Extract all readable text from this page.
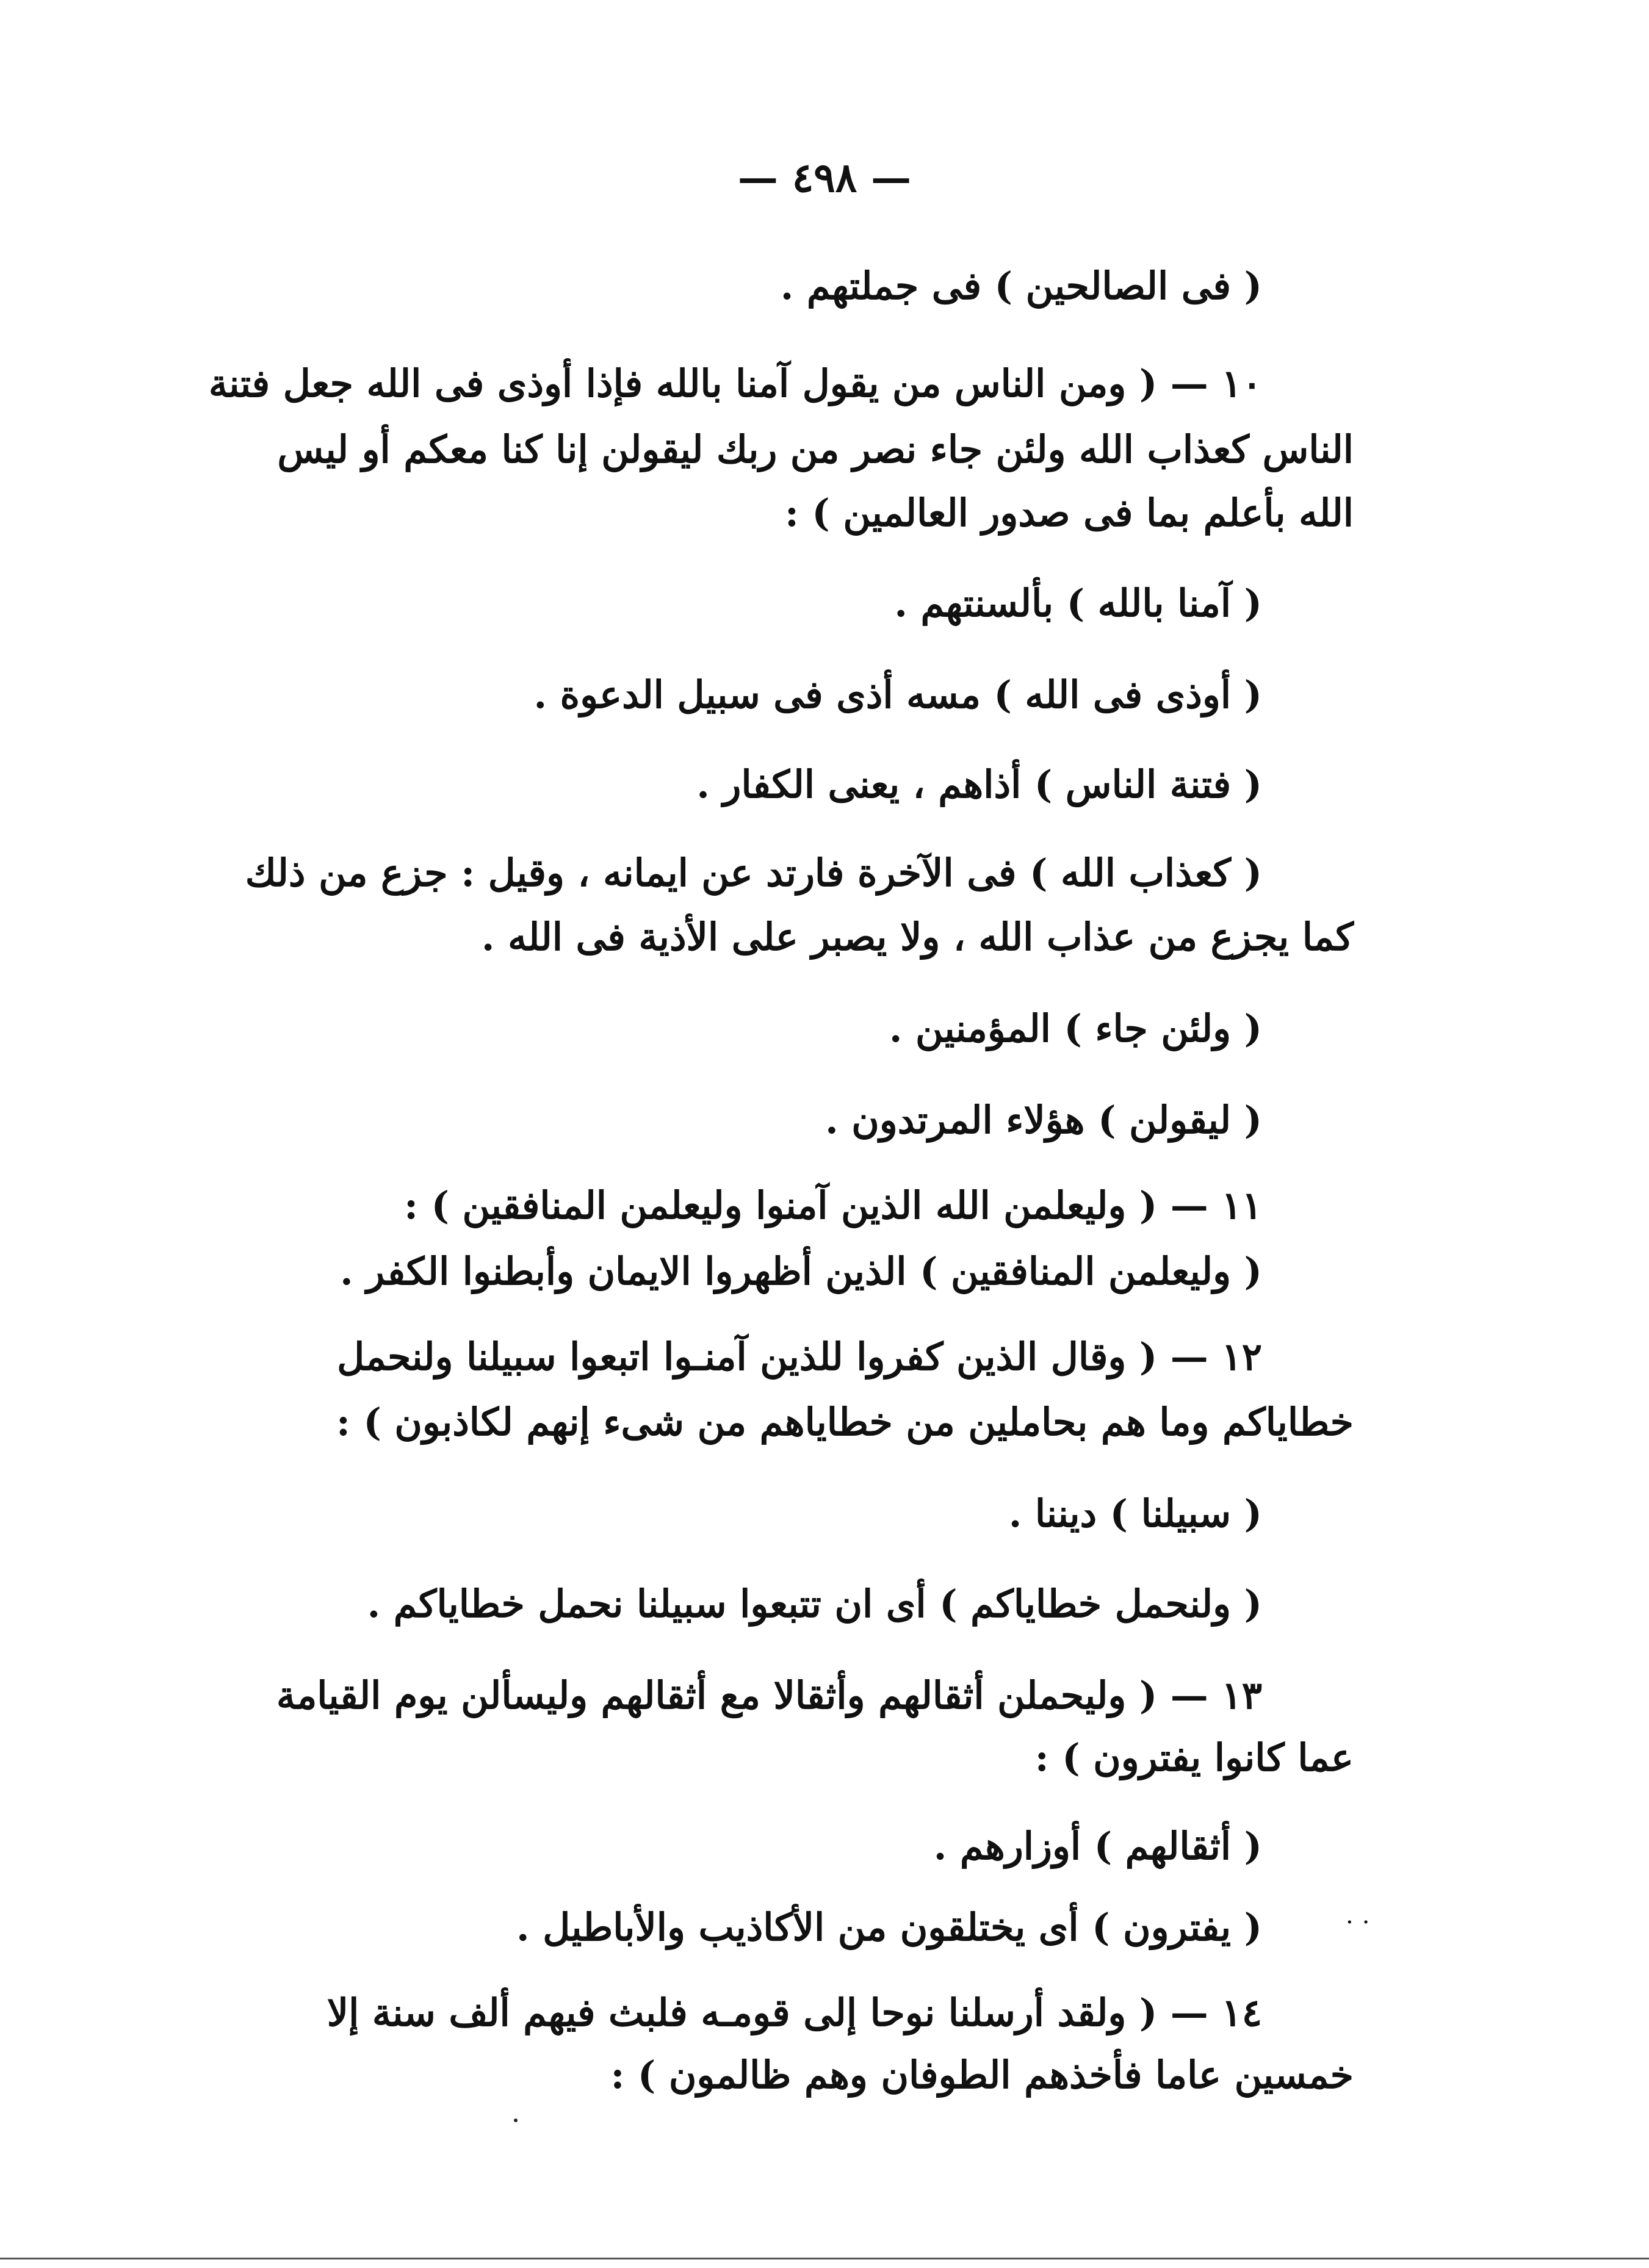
— ٤٩٨ —
( فى الصالحين ) فى جملتهم .
١٠ — ( ومن الناس من يقول آمنا بالله فإذا أوذى فى الله جعل فتنة
الناس كعذاب الله ولئن جاء نصر من ربك ليقولن إنا كنا معكم أو ليس
الله بأعلم بما فى صدور العالمين ) :
( آمنا بالله ) بألسنتهم .
( أوذى فى الله ) مسه أذى فى سبيل الدعوة .
( فتنة الناس ) أذاهم ، يعنى الكفار .
( كعذاب الله ) فى الآخرة فارتد عن ايمانه ، وقيل : جزع من ذلك
كما يجزع من عذاب الله ، ولا يصبر على الأذية فى الله .
( ولئن جاء ) المؤمنين .
( ليقولن ) هؤلاء المرتدون .
١١ — ( وليعلمن الله الذين آمنوا وليعلمن المنافقين ) :
( وليعلمن المنافقين ) الذين أظهروا الايمان وأبطنوا الكفر .
١٢ — ( وقال الذين كفروا للذين آمنـوا اتبعوا سبيلنا ولنحمل
خطاياكم وما هم بحاملين من خطاياهم من شىء إنهم لكاذبون ) :
( سبيلنا ) ديننا .
( ولنحمل خطاياكم ) أى ان تتبعوا سبيلنا نحمل خطاياكم .
١٣ — ( وليحملن أثقالهم وأثقالا مع أثقالهم وليسألن يوم القيامة
عما كانوا يفترون ) :
( أثقالهم ) أوزارهم .
( يفترون ) أى يختلقون من الأكاذيب والأباطيل .
١٤ — ( ولقد أرسلنا نوحا إلى قومـه فلبث فيهم ألف سنة إلا
خمسين عاما فأخذهم الطوفان وهم ظالمون ) :
··
